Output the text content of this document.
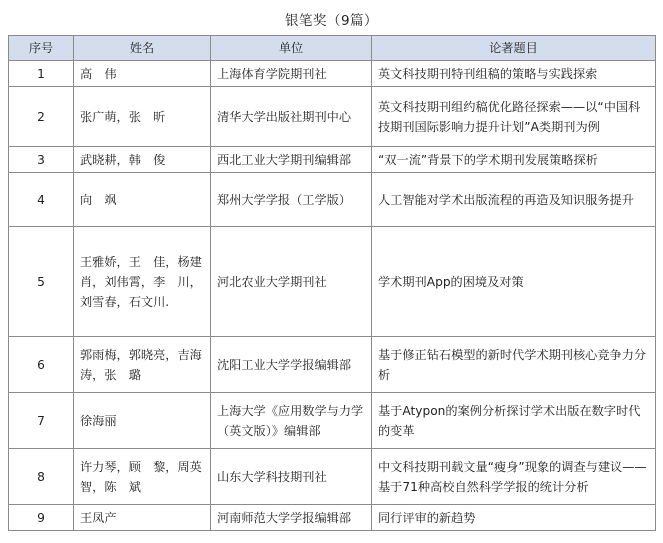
银笔奖（9篇）
序号	姓名	单位	论著题目
1	高　伟	上海体育学院期刊社	英文科技期刊特刊组稿的策略与实践探索
2	张广萌，张　昕	清华大学出版社期刊中心	英文科技期刊组约稿优化路径探索——以“中国科技期刊国际影响力提升计划”A类期刊为例
3	武晓耕，韩　俊	西北工业大学期刊编辑部	“双一流”背景下的学术期刊发展策略探析
4	向　飒	郑州大学学报（工学版）	人工智能对学术出版流程的再造及知识服务提升
5	王雅娇，王　佳，杨建肖，刘伟霄，李　川，刘雪春，石文川.	河北农业大学期刊社	学术期刊App的困境及对策
6	郭雨梅，郭晓亮，吉海涛，张　璐	沈阳工业大学学报编辑部	基于修正钻石模型的新时代学术期刊核心竞争力分析
7	徐海丽	上海大学《应用数学与力学（英文版）》编辑部	基于Atypon的案例分析探讨学术出版在数字时代的变革
8	许力琴，顾　黎，周英智，陈　斌	山东大学科技期刊社	中文科技期刊载文量“瘦身”现象的调查与建议——基于71种高校自然科学学报的统计分析
9	王凤产	河南师范大学学报编辑部	同行评审的新趋势
